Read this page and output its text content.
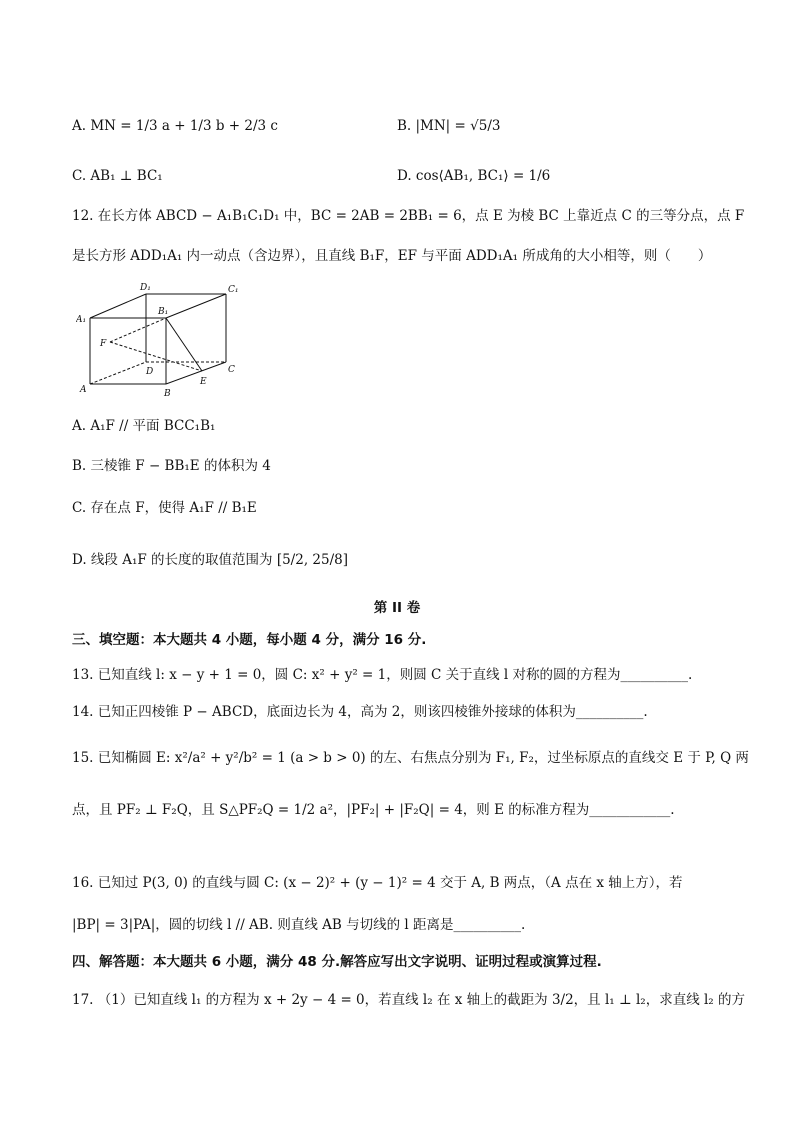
A. MN = 1/3 a + 1/3 b + 2/3 c	B. |MN| = √5/3
C. AB₁ ⊥ BC₁	D. cos⟨AB₁, BC₁⟩ = 1/6
12. 在长方体 ABCD − A₁B₁C₁D₁ 中，BC = 2AB = 2BB₁ = 6，点 E 为棱 BC 上靠近点 C 的三等分点，点 F
是长方形 ADD₁A₁ 内一动点（含边界），且直线 B₁F，EF 与平面 ADD₁A₁ 所成角的大小相等，则（　　）
D₁	C₁
A₁
B₁
F
D	C
A
E
B
A. A₁F // 平面 BCC₁B₁
B. 三棱锥 F − BB₁E 的体积为 4
C. 存在点 F，使得 A₁F // B₁E
D. 线段 A₁F 的长度的取值范围为 [5/2, 25/8]
第 II 卷
三、填空题：本大题共 4 小题，每小题 4 分，满分 16 分.
13. 已知直线 l: x − y + 1 = 0，圆 C: x² + y² = 1，则圆 C 关于直线 l 对称的圆的方程为__________.
14. 已知正四棱锥 P − ABCD，底面边长为 4，高为 2，则该四棱锥外接球的体积为__________.
15. 已知椭圆 E: x²/a² + y²/b² = 1 (a > b > 0) 的左、右焦点分别为 F₁, F₂，过坐标原点的直线交 E 于 P, Q 两
点，且 PF₂ ⊥ F₂Q，且 S△PF₂Q = 1/2 a²，|PF₂| + |F₂Q| = 4，则 E 的标准方程为____________.
16. 已知过 P(3, 0) 的直线与圆 C: (x − 2)² + (y − 1)² = 4 交于 A, B 两点，（A 点在 x 轴上方），若
|BP| = 3|PA|，圆的切线 l // AB. 则直线 AB 与切线的 l 距离是__________.
四、解答题：本大题共 6 小题，满分 48 分.解答应写出文字说明、证明过程或演算过程.
17. （1）已知直线 l₁ 的方程为 x + 2y − 4 = 0，若直线 l₂ 在 x 轴上的截距为 3/2，且 l₁ ⊥ l₂，求直线 l₂ 的方
